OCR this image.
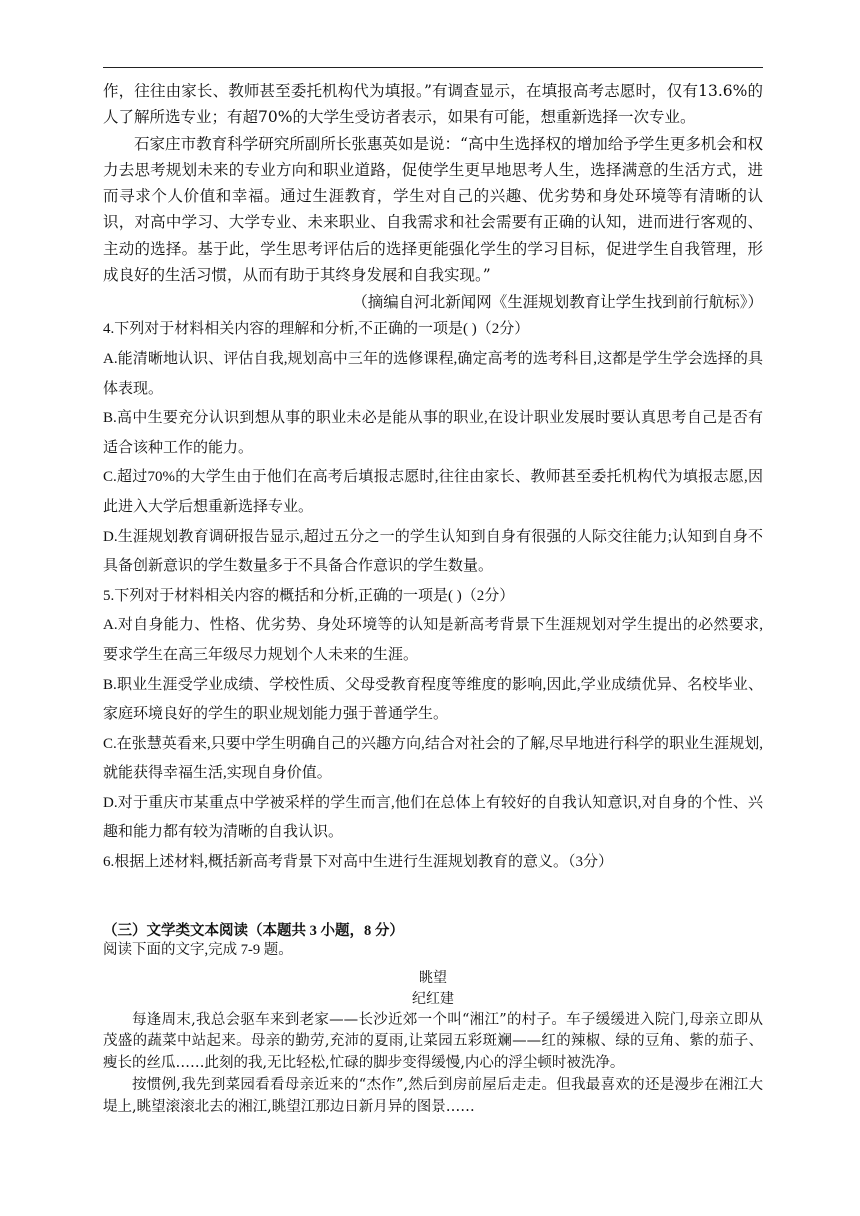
作，往往由家长、教师甚至委托机构代为填报。”有调查显示，在填报高考志愿时，仅有13.6%的人了解所选专业；有超70%的大学生受访者表示，如果有可能，想重新选择一次专业。

石家庄市教育科学研究所副所长张惠英如是说：“高中生选择权的增加给予学生更多机会和权力去思考规划未来的专业方向和职业道路，促使学生更早地思考人生，选择满意的生活方式，进而寻求个人价值和幸福。通过生涯教育，学生对自己的兴趣、优劣势和身处环境等有清晰的认识，对高中学习、大学专业、未来职业、自我需求和社会需要有正确的认知，进而进行客观的、主动的选择。基于此，学生思考评估后的选择更能强化学生的学习目标，促进学生自我管理，形成良好的生活习惯，从而有助于其终身发展和自我实现。”

（摘编自河北新闻网《生涯规划教育让学生找到前行航标》）

4.下列对于材料相关内容的理解和分析,不正确的一项是( )（2分）

A.能清晰地认识、评估自我,规划高中三年的选修课程,确定高考的选考科目,这都是学生学会选择的具体表现。

B.高中生要充分认识到想从事的职业未必是能从事的职业,在设计职业发展时要认真思考自己是否有适合该种工作的能力。

C.超过70%的大学生由于他们在高考后填报志愿时,往往由家长、教师甚至委托机构代为填报志愿,因此进入大学后想重新选择专业。

D.生涯规划教育调研报告显示,超过五分之一的学生认知到自身有很强的人际交往能力;认知到自身不具备创新意识的学生数量多于不具备合作意识的学生数量。

5.下列对于材料相关内容的概括和分析,正确的一项是( )（2分）

A.对自身能力、性格、优劣势、身处环境等的认知是新高考背景下生涯规划对学生提出的必然要求,要求学生在高三年级尽力规划个人未来的生涯。

B.职业生涯受学业成绩、学校性质、父母受教育程度等维度的影响,因此,学业成绩优异、名校毕业、家庭环境良好的学生的职业规划能力强于普通学生。

C.在张慧英看来,只要中学生明确自己的兴趣方向,结合对社会的了解,尽早地进行科学的职业生涯规划,就能获得幸福生活,实现自身价值。

D.对于重庆市某重点中学被采样的学生而言,他们在总体上有较好的自我认知意识,对自身的个性、兴趣和能力都有较为清晰的自我认识。

6.根据上述材料,概括新高考背景下对高中生进行生涯规划教育的意义。（3分）

（三）文学类文本阅读（本题共 3 小题，8 分）

阅读下面的文字,完成 7-9 题。

眺望

纪红建

每逢周末,我总会驱车来到老家——长沙近郊一个叫“湘江”的村子。车子缓缓进入院门,母亲立即从茂盛的蔬菜中站起来。母亲的勤劳,充沛的夏雨,让菜园五彩斑斓——红的辣椒、绿的豆角、紫的茄子、瘦长的丝瓜……此刻的我,无比轻松,忙碌的脚步变得缓慢,内心的浮尘顿时被洗净。

按惯例,我先到菜园看看母亲近来的“杰作”,然后到房前屋后走走。但我最喜欢的还是漫步在湘江大堤上,眺望滚滚北去的湘江,眺望江那边日新月异的图景……
